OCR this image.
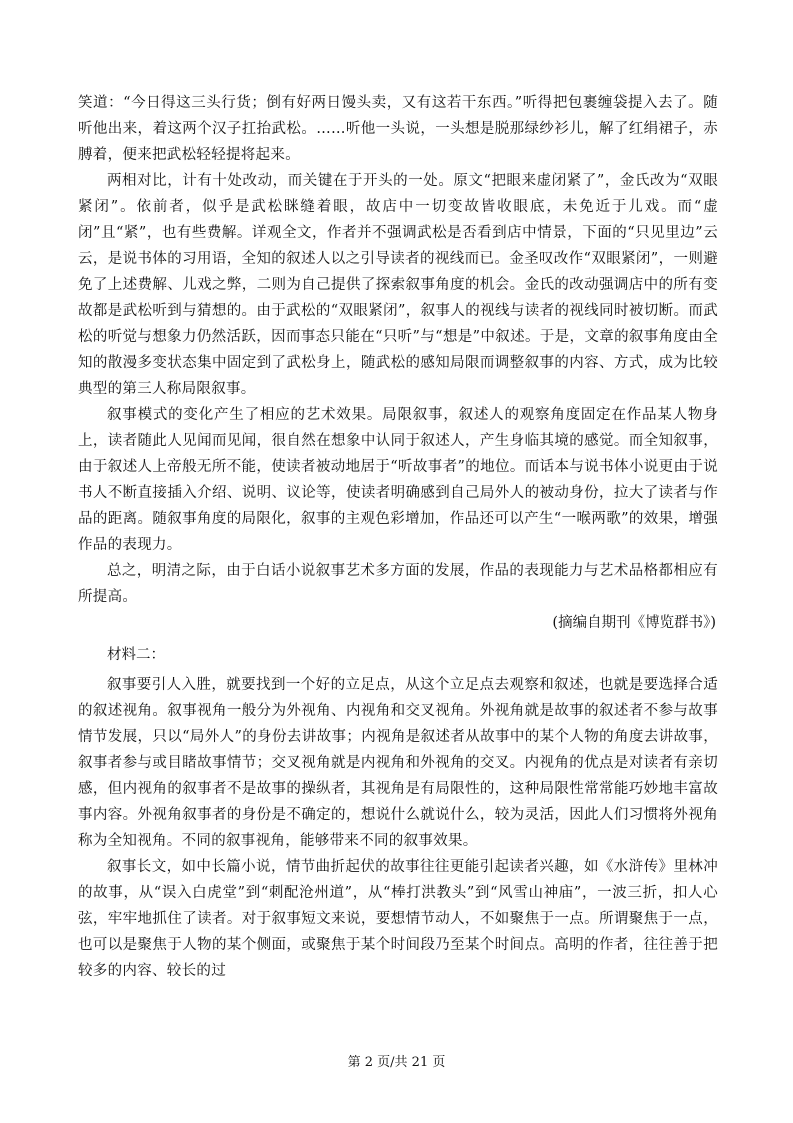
笑道：“今日得这三头行货；倒有好两日馒头卖，又有这若干东西。”听得把包裹缠袋提入去了。随听他出来，着这两个汉子扛抬武松。……听他一头说，一头想是脱那绿纱衫儿，解了红绢裙子，赤膊着，便来把武松轻轻提将起来。

两相对比，计有十处改动，而关键在于开头的一处。原文“把眼来虚闭紧了”，金氏改为“双眼紧闭”。依前者，似乎是武松眯缝着眼，故店中一切变故皆收眼底，未免近于儿戏。而“虚闭”且“紧”，也有些费解。详观全文，作者并不强调武松是否看到店中情景，下面的“只见里边”云云，是说书体的习用语，全知的叙述人以之引导读者的视线而已。金圣叹改作“双眼紧闭”，一则避免了上述费解、儿戏之弊，二则为自己提供了探索叙事角度的机会。金氏的改动强调店中的所有变故都是武松听到与猜想的。由于武松的“双眼紧闭”，叙事人的视线与读者的视线同时被切断。而武松的听觉与想象力仍然活跃，因而事态只能在“只听”与“想是”中叙述。于是，文章的叙事角度由全知的散漫多变状态集中固定到了武松身上，随武松的感知局限而调整叙事的内容、方式，成为比较典型的第三人称局限叙事。

叙事模式的变化产生了相应的艺术效果。局限叙事，叙述人的观察角度固定在作品某人物身上，读者随此人见闻而见闻，很自然在想象中认同于叙述人，产生身临其境的感觉。而全知叙事，由于叙述人上帝般无所不能，使读者被动地居于“听故事者”的地位。而话本与说书体小说更由于说书人不断直接插入介绍、说明、议论等，使读者明确感到自己局外人的被动身份，拉大了读者与作品的距离。随叙事角度的局限化，叙事的主观色彩增加，作品还可以产生“一喉两歌”的效果，增强作品的表现力。

总之，明清之际，由于白话小说叙事艺术多方面的发展，作品的表现能力与艺术品格都相应有所提高。

(摘编自期刊《博览群书》)

材料二：

叙事要引人入胜，就要找到一个好的立足点，从这个立足点去观察和叙述，也就是要选择合适的叙述视角。叙事视角一般分为外视角、内视角和交叉视角。外视角就是故事的叙述者不参与故事情节发展，只以“局外人”的身份去讲故事；内视角是叙述者从故事中的某个人物的角度去讲故事，叙事者参与或目睹故事情节；交叉视角就是内视角和外视角的交叉。内视角的优点是对读者有亲切感，但内视角的叙事者不是故事的操纵者，其视角是有局限性的，这种局限性常常能巧妙地丰富故事内容。外视角叙事者的身份是不确定的，想说什么就说什么，较为灵活，因此人们习惯将外视角称为全知视角。不同的叙事视角，能够带来不同的叙事效果。

叙事长文，如中长篇小说，情节曲折起伏的故事往往更能引起读者兴趣，如《水浒传》里林冲的故事，从“误入白虎堂”到“刺配沧州道”，从“棒打洪教头”到“风雪山神庙”，一波三折，扣人心弦，牢牢地抓住了读者。对于叙事短文来说，要想情节动人，不如聚焦于一点。所谓聚焦于一点，也可以是聚焦于人物的某个侧面，或聚焦于某个时间段乃至某个时间点。高明的作者，往往善于把较多的内容、较长的过

第 2 页/共 21 页
